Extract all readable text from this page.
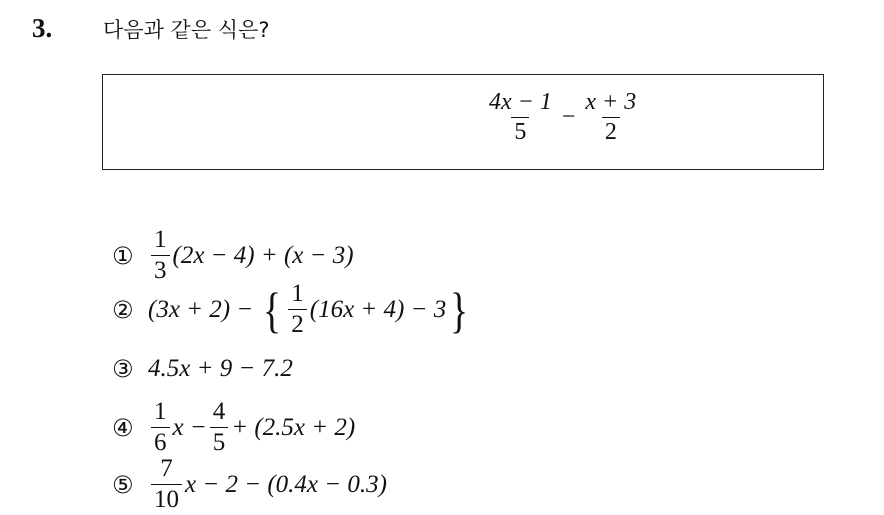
3. 다음과 같은 식은?
$\frac{4x - 1}{5} - \frac{x + 3}{2}$
① $\frac{1}{3} (2x - 4) + (x - 3)$
② (3x + 2) − { $\frac{1}{2} (16x + 4) - 3$ }
③ 4.5x + 9 − 7.2
④ $\frac{1}{6}$ $x - \frac{4}{5} + (2.5x + 2)$
⑤ $\frac{7}{10}$ x − 2 − (0.4x − 0.3)
